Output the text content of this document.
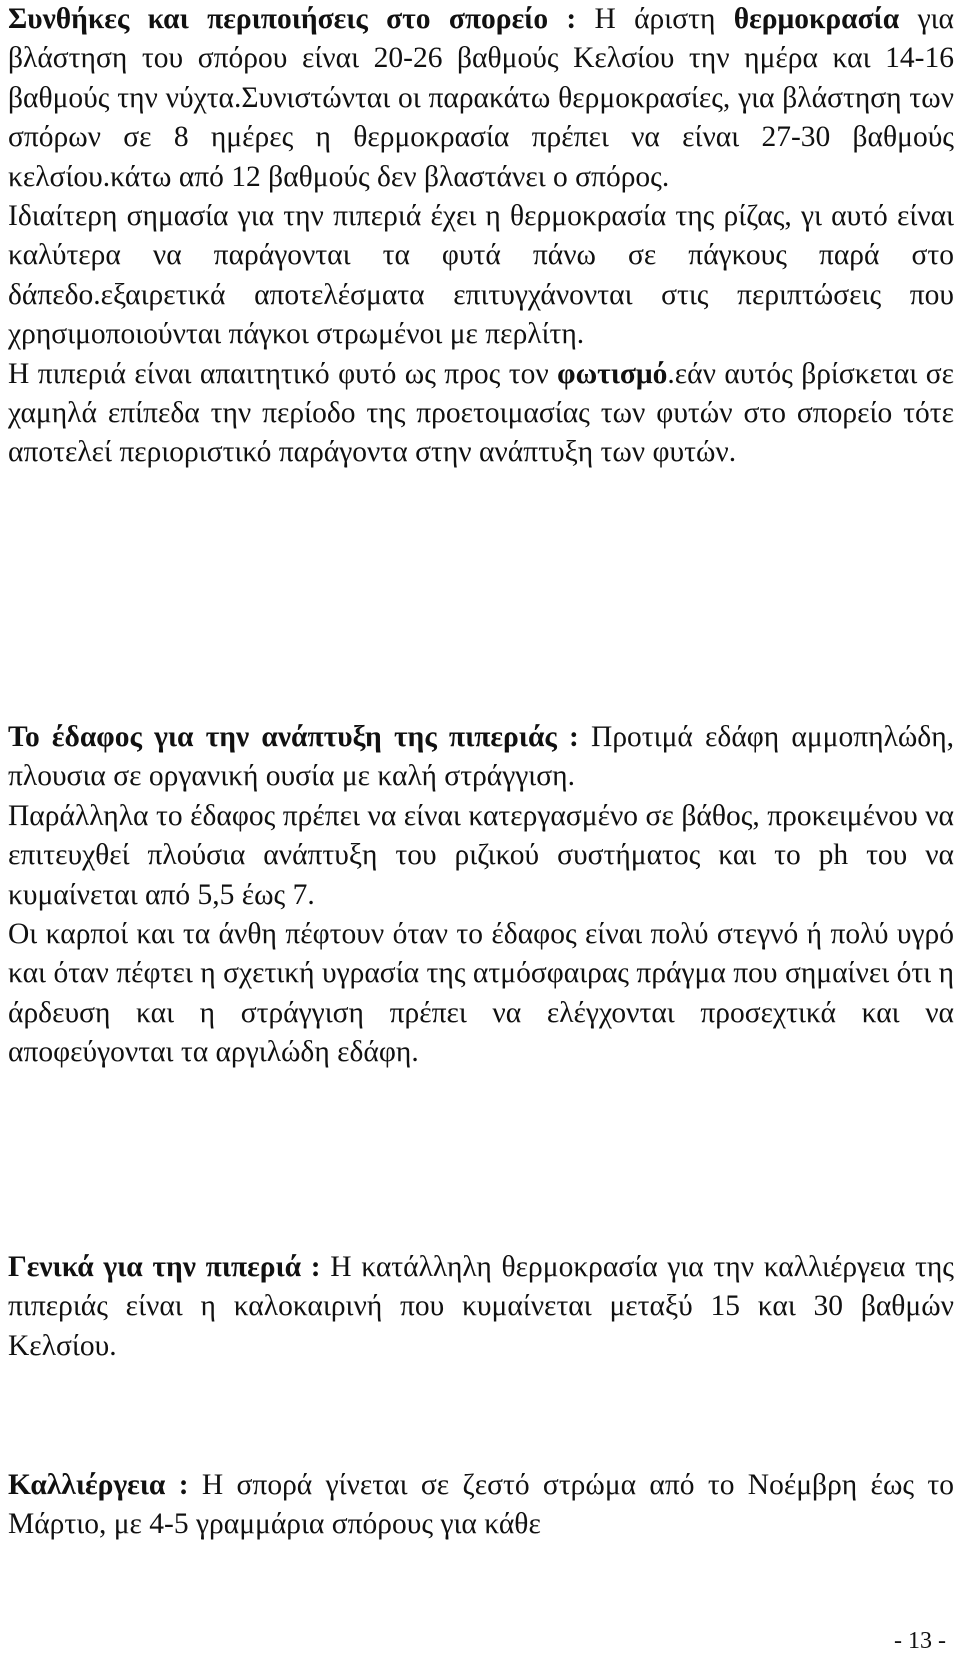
Συνθήκες και περιποιήσεις στο σπορείο : Η άριστη θερμοκρασία για βλάστηση του σπόρου είναι 20-26 βαθμούς Κελσίου την ημέρα και 14-16 βαθμούς την νύχτα.Συνιστώνται οι παρακάτω θερμοκρασίες, για βλάστηση των σπόρων σε 8 ημέρες η θερμοκρασία πρέπει να είναι 27-30 βαθμούς κελσίου.κάτω από 12 βαθμούς δεν βλαστάνει ο σπόρος.

Ιδιαίτερη σημασία για την πιπεριά έχει η θερμοκρασία της ρίζας, γι αυτό είναι καλύτερα να παράγονται τα φυτά πάνω σε πάγκους παρά στο δάπεδο.εξαιρετικά αποτελέσματα επιτυγχάνονται στις περιπτώσεις που χρησιμοποιούνται πάγκοι στρωμένοι με περλίτη.

Η πιπεριά είναι απαιτητικό φυτό ως προς τον φωτισμό.εάν αυτός βρίσκεται σε χαμηλά επίπεδα την περίοδο της προετοιμασίας των φυτών στο σπορείο τότε αποτελεί περιοριστικό παράγοντα στην ανάπτυξη των φυτών.

Το έδαφος για την ανάπτυξη της πιπεριάς : Προτιμά εδάφη αμμοπηλώδη, πλουσια σε οργανική ουσία με καλή στράγγιση.

Παράλληλα το έδαφος πρέπει να είναι κατεργασμένο σε βάθος, προκειμένου να επιτευχθεί πλούσια ανάπτυξη του ριζικού συστήματος και το ph του να κυμαίνεται από 5,5 έως 7.

Οι καρποί και τα άνθη πέφτουν όταν το έδαφος είναι πολύ στεγνό ή πολύ υγρό και όταν πέφτει η σχετική υγρασία της ατμόσφαιρας πράγμα που σημαίνει ότι η άρδευση και η στράγγιση πρέπει να ελέγχονται προσεχτικά και να αποφεύγονται τα αργιλώδη εδάφη.

Γενικά για την πιπεριά : Η κατάλληλη θερμοκρασία για την καλλιέργεια της πιπεριάς είναι η καλοκαιρινή που κυμαίνεται μεταξύ 15 και 30 βαθμών Κελσίου.

Καλλιέργεια : Η σπορά γίνεται σε ζεστό στρώμα από το Νοέμβρη έως το Μάρτιο, με 4-5 γραμμάρια σπόρους για κάθε

- 13 -
